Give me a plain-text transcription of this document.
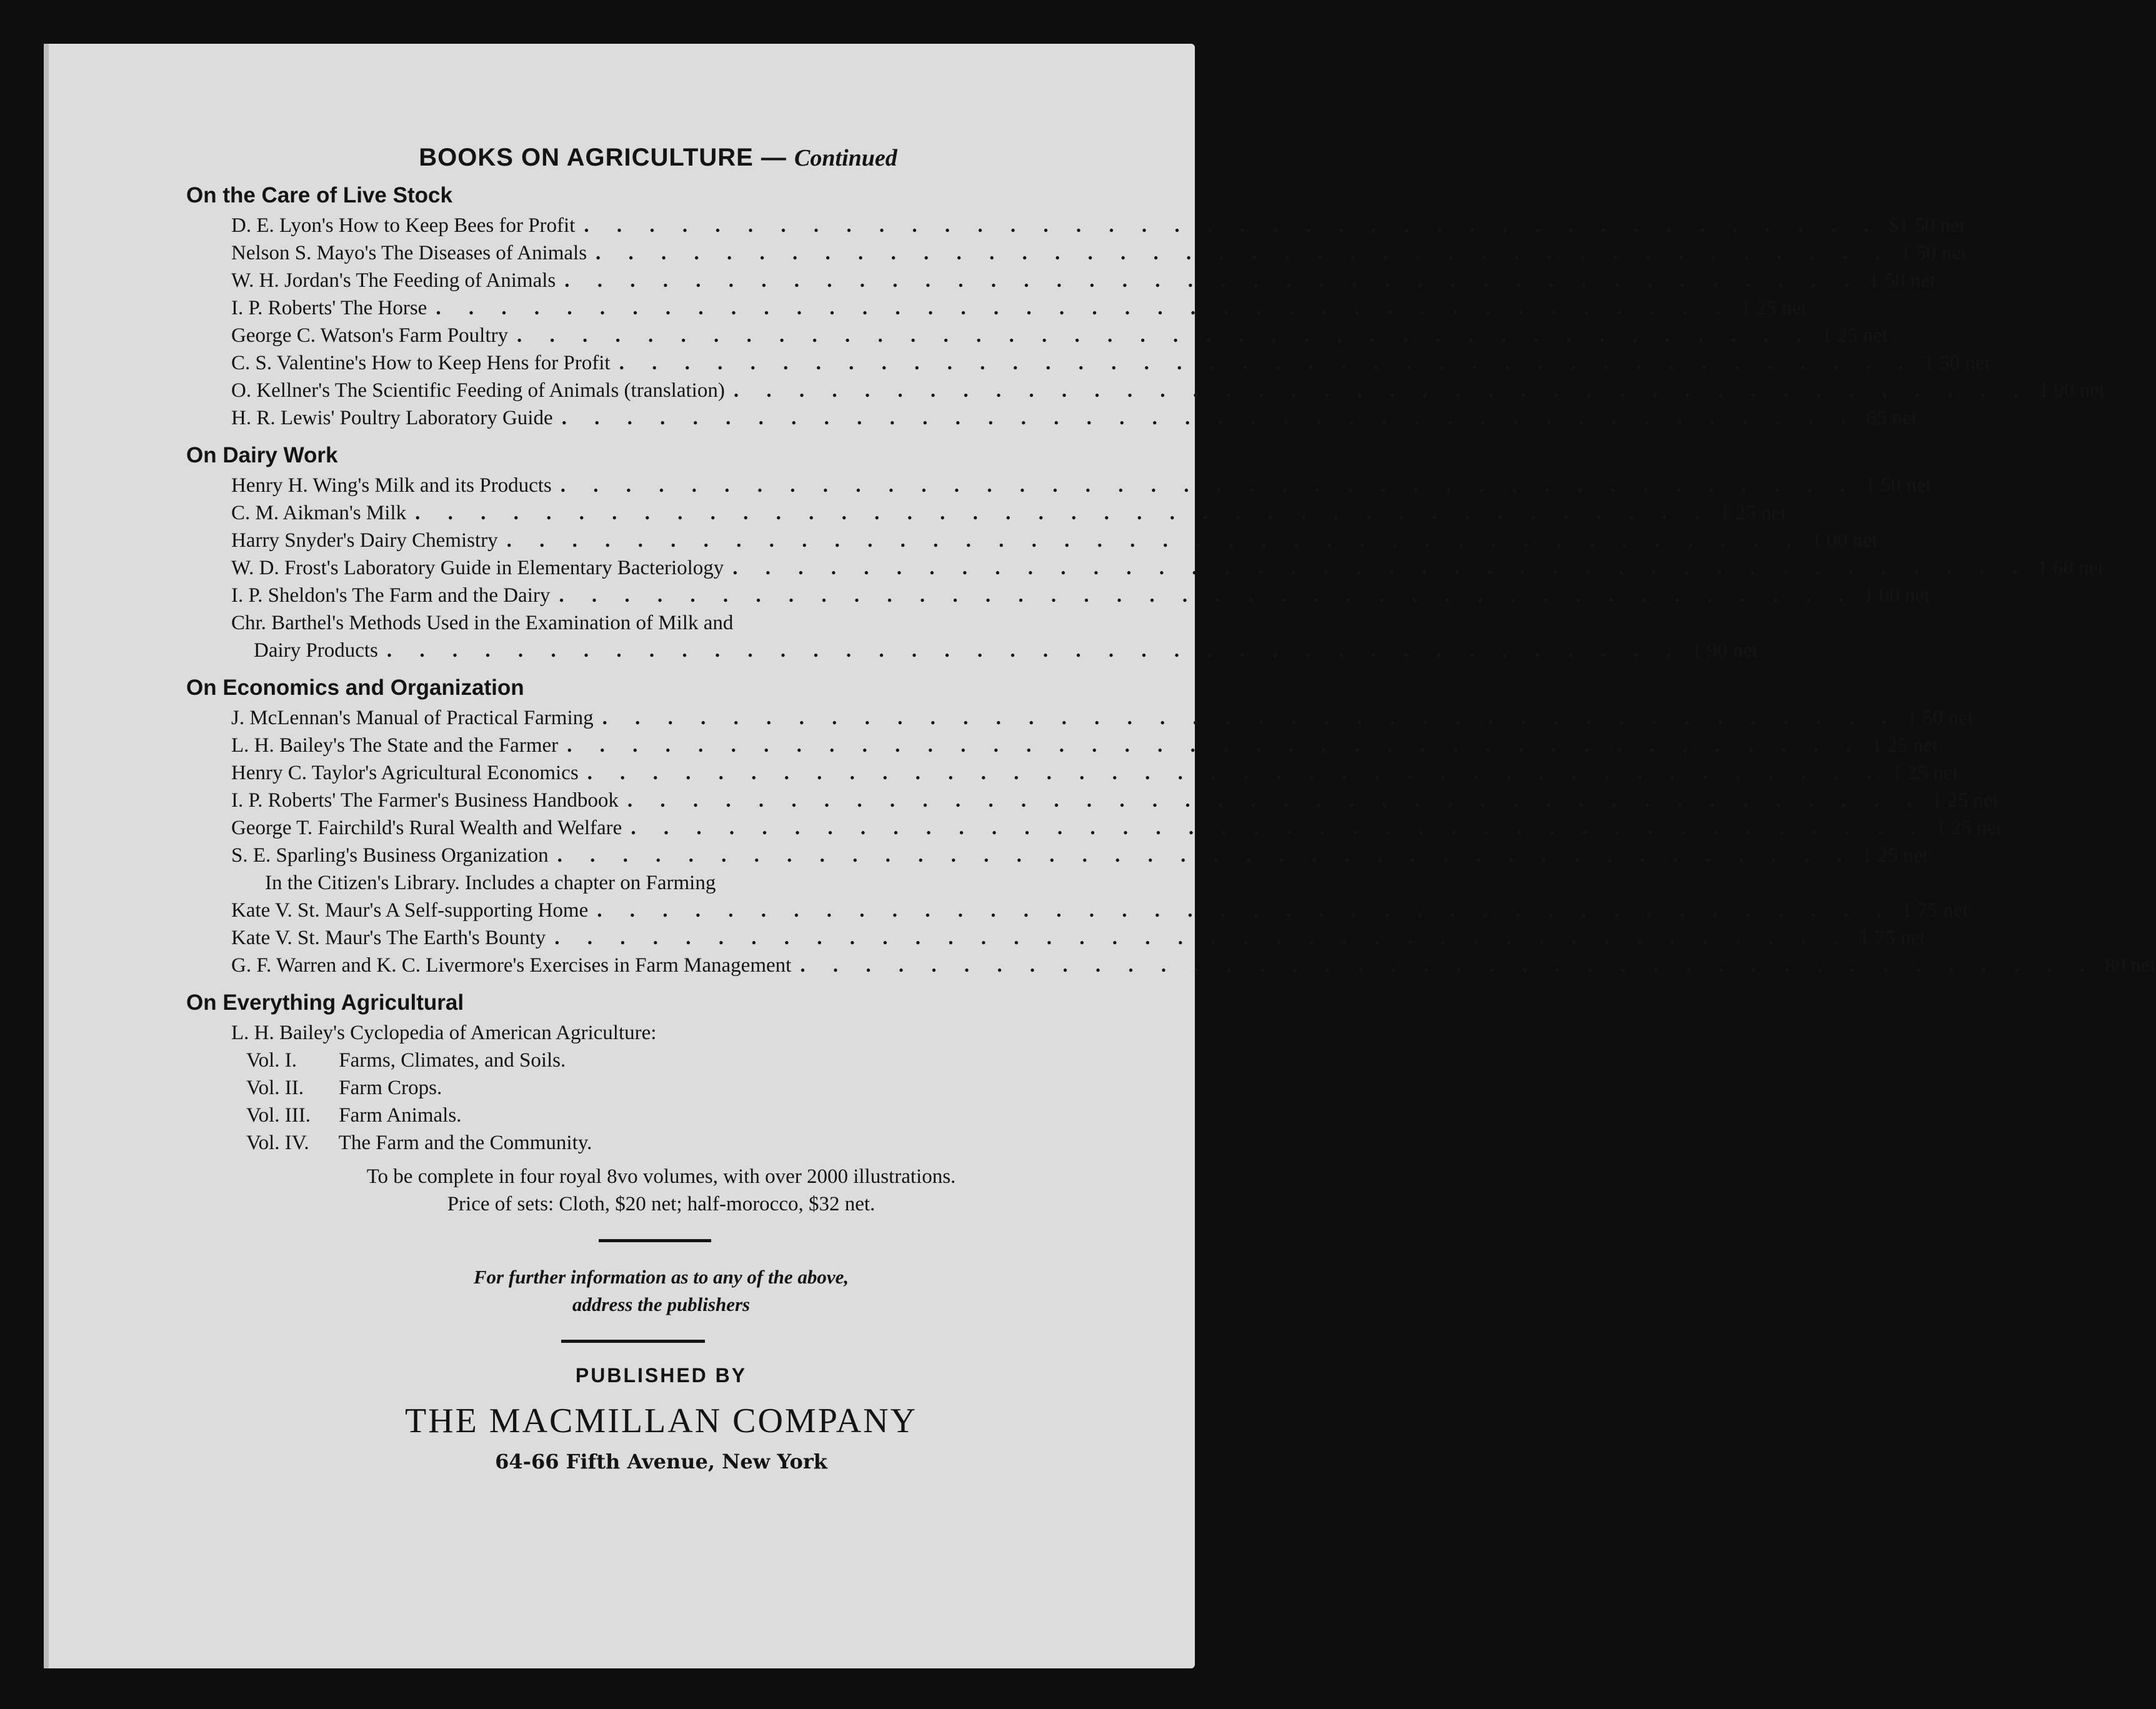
BOOKS ON AGRICULTURE — Continued
On the Care of Live Stock
D. E. Lyon's How to Keep Bees for Profit . . . . . . . . . . . . . . . . . . . . . . . . . . . . . . . . . . . . . . . . $1 50 net
Nelson S. Mayo's The Diseases of Animals . . . . . . . . . . . . . . . . . . . . . . . . . . . . . . . . . . . . . . . . 1 50 net
W. H. Jordan's The Feeding of Animals . . . . . . . . . . . . . . . . . . . . . . . . . . . . . . . . . . . . . . . . 1 50 net
I. P. Roberts' The Horse . . . . . . . . . . . . . . . . . . . . . . . . . . . . . . . . . . . . . . . . 1 25 net
George C. Watson's Farm Poultry . . . . . . . . . . . . . . . . . . . . . . . . . . . . . . . . . . . . . . . . 1 25 net
C. S. Valentine's How to Keep Hens for Profit . . . . . . . . . . . . . . . . . . . . . . . . . . . . . . . . . . . . . . . . 1 50 net
O. Kellner's The Scientific Feeding of Animals (translation) . . . . . . . . . . . . . . . . . . . . . . . . . . . . . . . . . . . . . . . . 1 90 net
H. R. Lewis' Poultry Laboratory Guide . . . . . . . . . . . . . . . . . . . . . . . . . . . . . . . . . . . . . . . . 65 net
On Dairy Work
Henry H. Wing's Milk and its Products . . . . . . . . . . . . . . . . . . . . . . . . . . . . . . . . . . . . . . . . 1 50 net
C. M. Aikman's Milk . . . . . . . . . . . . . . . . . . . . . . . . . . . . . . . . . . . . . . . . 1 25 net
Harry Snyder's Dairy Chemistry . . . . . . . . . . . . . . . . . . . . . . . . . . . . . . . . . . . . . . . . 1 00 net
W. D. Frost's Laboratory Guide in Elementary Bacteriology . . . . . . . . . . . . . . . . . . . . . . . . . . . . . . . . . . . . . . . . 1 60 net
I. P. Sheldon's The Farm and the Dairy . . . . . . . . . . . . . . . . . . . . . . . . . . . . . . . . . . . . . . . . 1 00 net
Chr. Barthel's Methods Used in the Examination of Milk and
Dairy Products . . . . . . . . . . . . . . . . . . . . . . . . . . . . . . . . . . . . . . . . 1 90 net
On Economics and Organization
J. McLennan's Manual of Practical Farming . . . . . . . . . . . . . . . . . . . . . . . . . . . . . . . . . . . . . . . . 1 50 net
L. H. Bailey's The State and the Farmer . . . . . . . . . . . . . . . . . . . . . . . . . . . . . . . . . . . . . . . . 1 25 net
Henry C. Taylor's Agricultural Economics . . . . . . . . . . . . . . . . . . . . . . . . . . . . . . . . . . . . . . . . 1 25 net
I. P. Roberts' The Farmer's Business Handbook . . . . . . . . . . . . . . . . . . . . . . . . . . . . . . . . . . . . . . . . 1 25 net
George T. Fairchild's Rural Wealth and Welfare . . . . . . . . . . . . . . . . . . . . . . . . . . . . . . . . . . . . . . . . 1 25 net
S. E. Sparling's Business Organization . . . . . . . . . . . . . . . . . . . . . . . . . . . . . . . . . . . . . . . . 1 25 net
In the Citizen's Library. Includes a chapter on Farming
Kate V. St. Maur's A Self-supporting Home . . . . . . . . . . . . . . . . . . . . . . . . . . . . . . . . . . . . . . . . 1 75 net
Kate V. St. Maur's The Earth's Bounty . . . . . . . . . . . . . . . . . . . . . . . . . . . . . . . . . . . . . . . . 1 75 net
G. F. Warren and K. C. Livermore's Exercises in Farm Management . . . . . . . . . . . . . . . . . . . . . . . . . . . . . . . . . . . . . . . . 80 net
On Everything Agricultural
L. H. Bailey's Cyclopedia of American Agriculture:
Vol. I. Farms, Climates, and Soils.
Vol. II. Farm Crops.
Vol. III. Farm Animals.
Vol. IV. The Farm and the Community.
To be complete in four royal 8vo volumes, with over 2000 illustrations.
Price of sets: Cloth, $20 net; half-morocco, $32 net.
For further information as to any of the above,
address the publishers
PUBLISHED BY
THE MACMILLAN COMPANY
64-66 Fifth Avenue, New York
